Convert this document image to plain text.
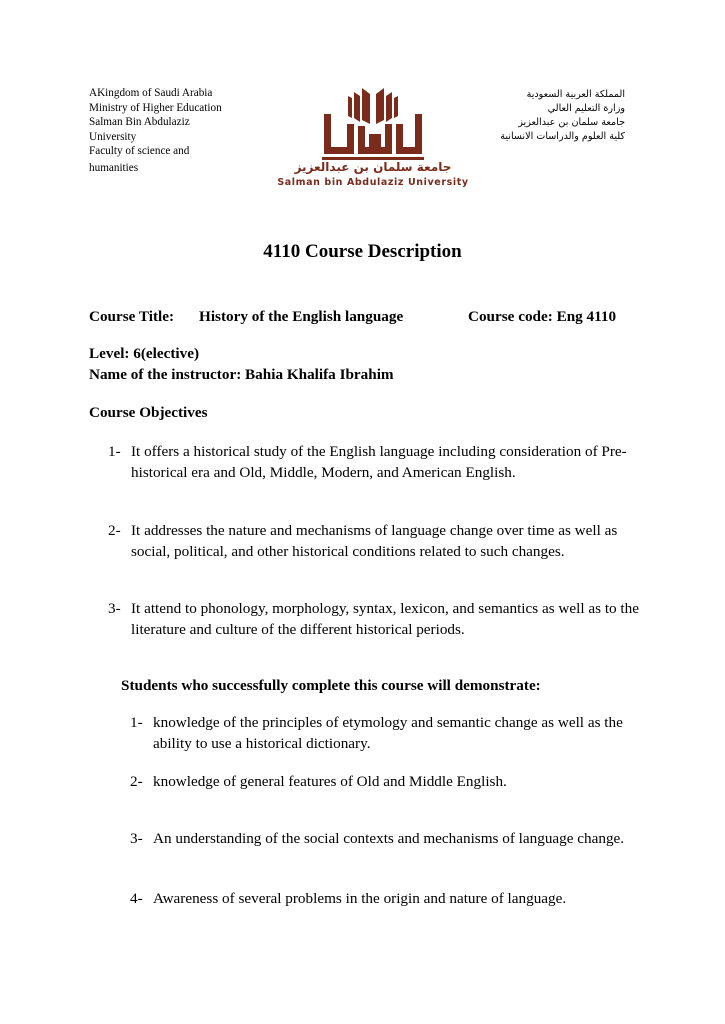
AKingdom of Saudi Arabia
Ministry of Higher Education
Salman Bin Abdulaziz
University
Faculty of science and
humanities	جامعة سلمان بن عبدالعزيز
Salman bin Abdulaziz University
المملكة العربية السعودية
وزارة التعليم العالي
جامعة سلمان بن عبدالعزيز
كلية العلوم والدراسات الانسانية
4110 Course Description
Course Title: History of the English language	Course code: Eng 4110
Level: 6(elective)
Name of the instructor: Bahia Khalifa Ibrahim
Course Objectives
1- It offers a historical study of the English language including consideration of Pre-historical era and Old, Middle, Modern, and American English.
2- It addresses the nature and mechanisms of language change over time as well as social, political, and other historical conditions related to such changes.
3- It attend to phonology, morphology, syntax, lexicon, and semantics as well as to the literature and culture of the different historical periods.
Students who successfully complete this course will demonstrate:
1- knowledge of the principles of etymology and semantic change as well as the ability to use a historical dictionary.
2- knowledge of general features of Old and Middle English.
3- An understanding of the social contexts and mechanisms of language change.
4- Awareness of several problems in the origin and nature of language.
